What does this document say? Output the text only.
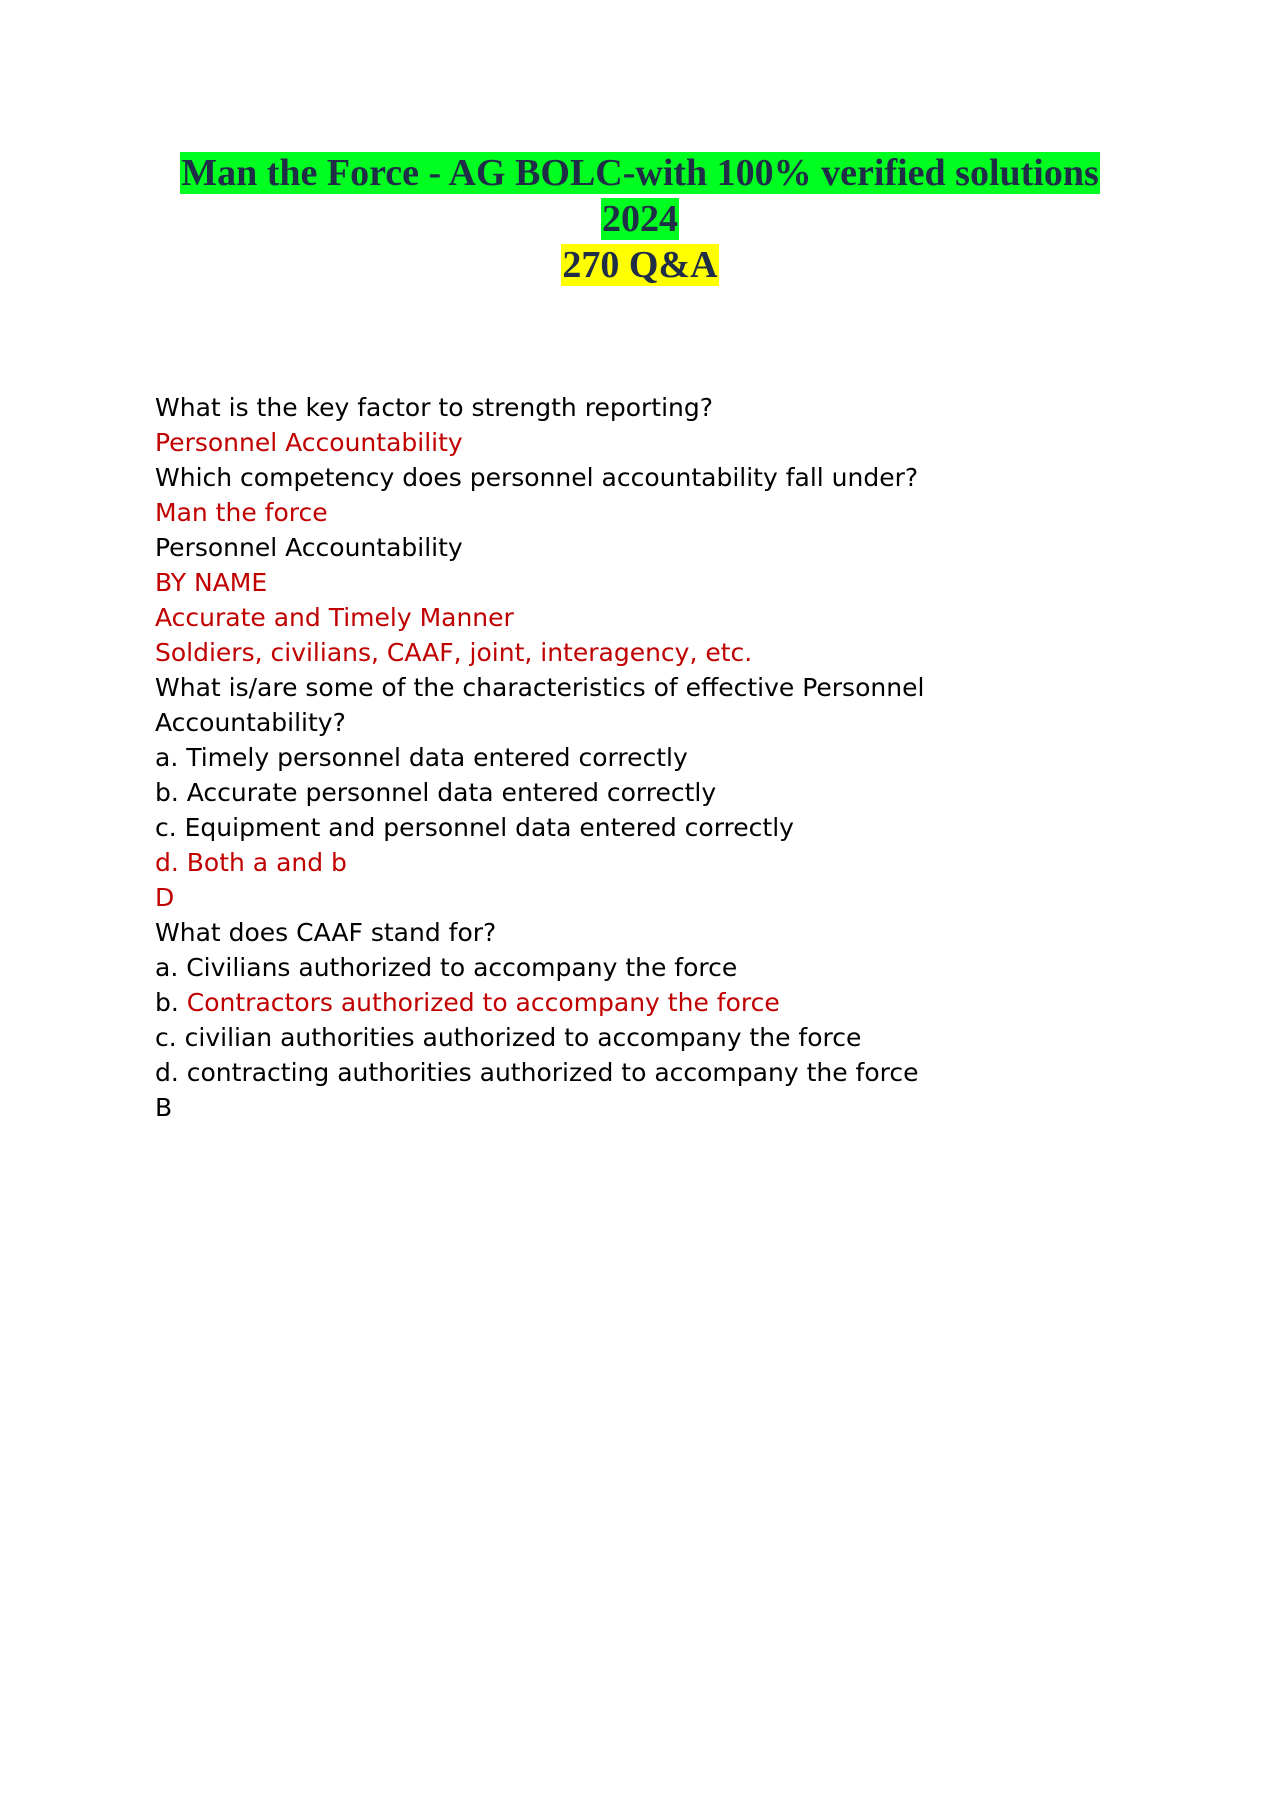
Man the Force - AG BOLC-with 100% verified solutions
2024
270 Q&A

What is the key factor to strength reporting?

Personnel Accountability

Which competency does personnel accountability fall under?

Man the force

Personnel Accountability

BY NAME

Accurate and Timely Manner

Soldiers, civilians, CAAF, joint, interagency, etc.

What is/are some of the characteristics of effective Personnel Accountability?

a. Timely personnel data entered correctly

b. Accurate personnel data entered correctly

c. Equipment and personnel data entered correctly

d. Both a and b

D

What does CAAF stand for?

a. Civilians authorized to accompany the force

b. Contractors authorized to accompany the force

c. civilian authorities authorized to accompany the force

d. contracting authorities authorized to accompany the force

B
